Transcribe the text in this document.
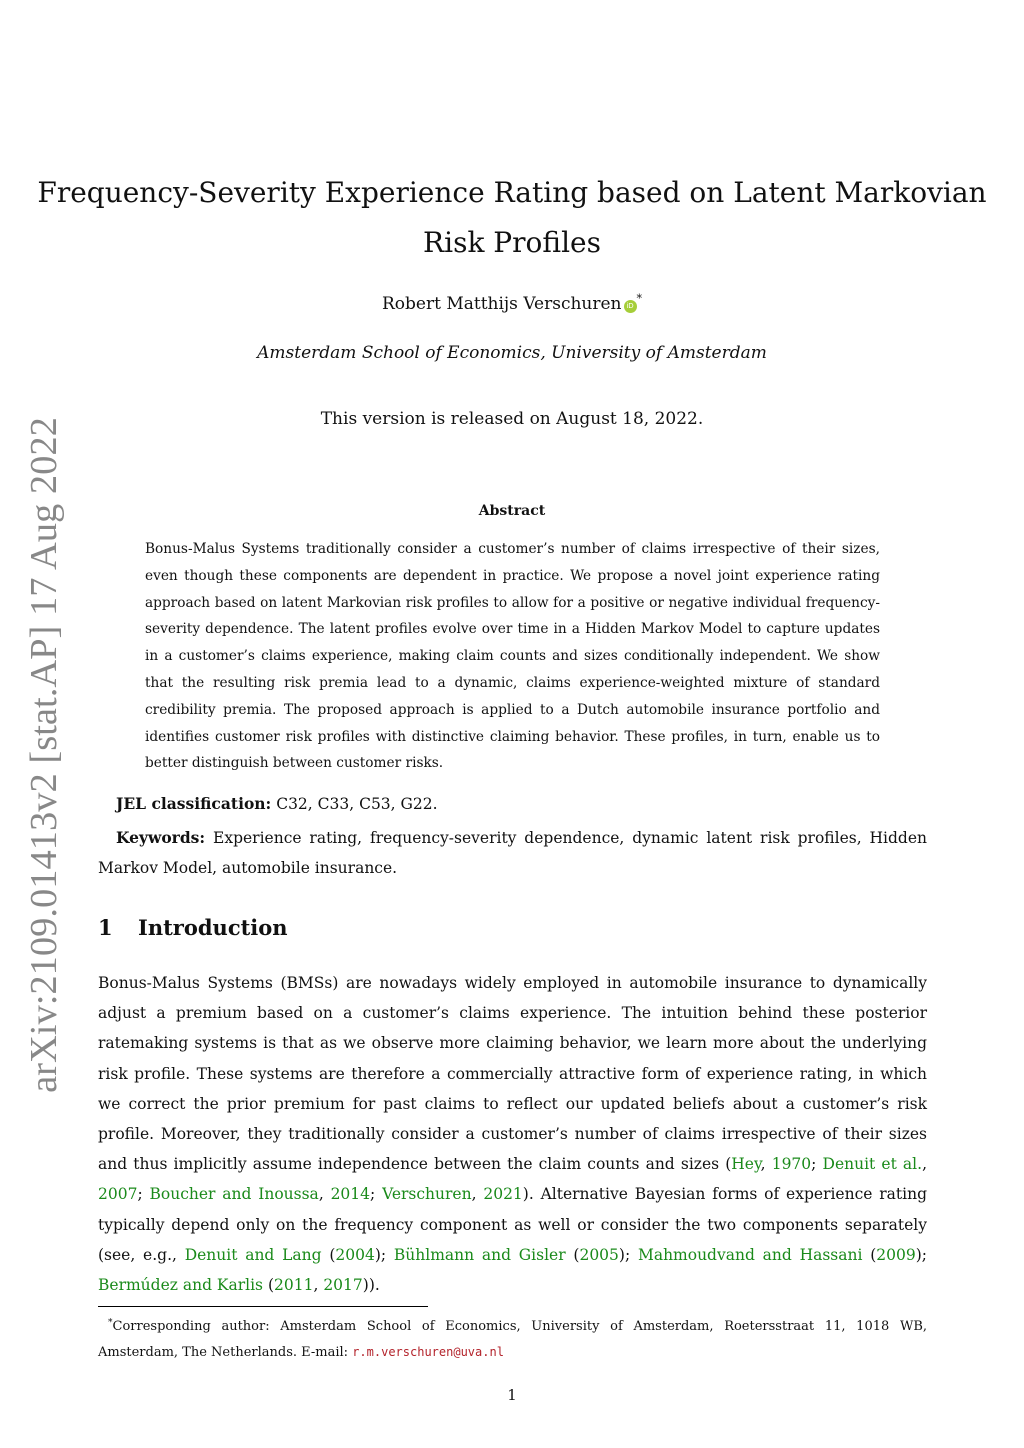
arXiv:2109.01413v2 [stat.AP] 17 Aug 2022
Frequency-Severity Experience Rating based on Latent Markovian
Risk Profiles
Robert Matthijs Verschuren iD*
Amsterdam School of Economics, University of Amsterdam
This version is released on August 18, 2022.
Abstract
Bonus-Malus Systems traditionally consider a customer’s number of claims irrespective of their sizes, even though these components are dependent in practice. We propose a novel joint experience rating approach based on latent Markovian risk profiles to allow for a positive or negative individual frequency-severity dependence. The latent profiles evolve over time in a Hidden Markov Model to capture updates in a customer’s claims experience, making claim counts and sizes conditionally independent. We show that the resulting risk premia lead to a dynamic, claims experience-weighted mixture of standard credibility premia. The proposed approach is applied to a Dutch automobile insurance portfolio and identifies customer risk profiles with distinctive claiming behavior. These profiles, in turn, enable us to better distinguish between customer risks.
JEL classification: C32, C33, C53, G22.
Keywords: Experience rating, frequency-severity dependence, dynamic latent risk profiles, Hidden Markov Model, automobile insurance.
1 Introduction
Bonus-Malus Systems (BMSs) are nowadays widely employed in automobile insurance to dynamically adjust a premium based on a customer’s claims experience. The intuition behind these posterior ratemaking systems is that as we observe more claiming behavior, we learn more about the underlying risk profile. These systems are therefore a commercially attractive form of experience rating, in which we correct the prior premium for past claims to reflect our updated beliefs about a customer’s risk profile. Moreover, they traditionally consider a customer’s number of claims irrespective of their sizes and thus implicitly assume independence between the claim counts and sizes (Hey, 1970; Denuit et al., 2007; Boucher and Inoussa, 2014; Verschuren, 2021). Alternative Bayesian forms of experience rating typically depend only on the frequency component as well or consider the two components separately (see, e.g., Denuit and Lang (2004); Bühlmann and Gisler (2005); Mahmoudvand and Hassani (2009); Bermúdez and Karlis (2011, 2017)).
*Corresponding author: Amsterdam School of Economics, University of Amsterdam, Roetersstraat 11, 1018 WB, Amsterdam, The Netherlands. E-mail: r.m.verschuren@uva.nl
1
